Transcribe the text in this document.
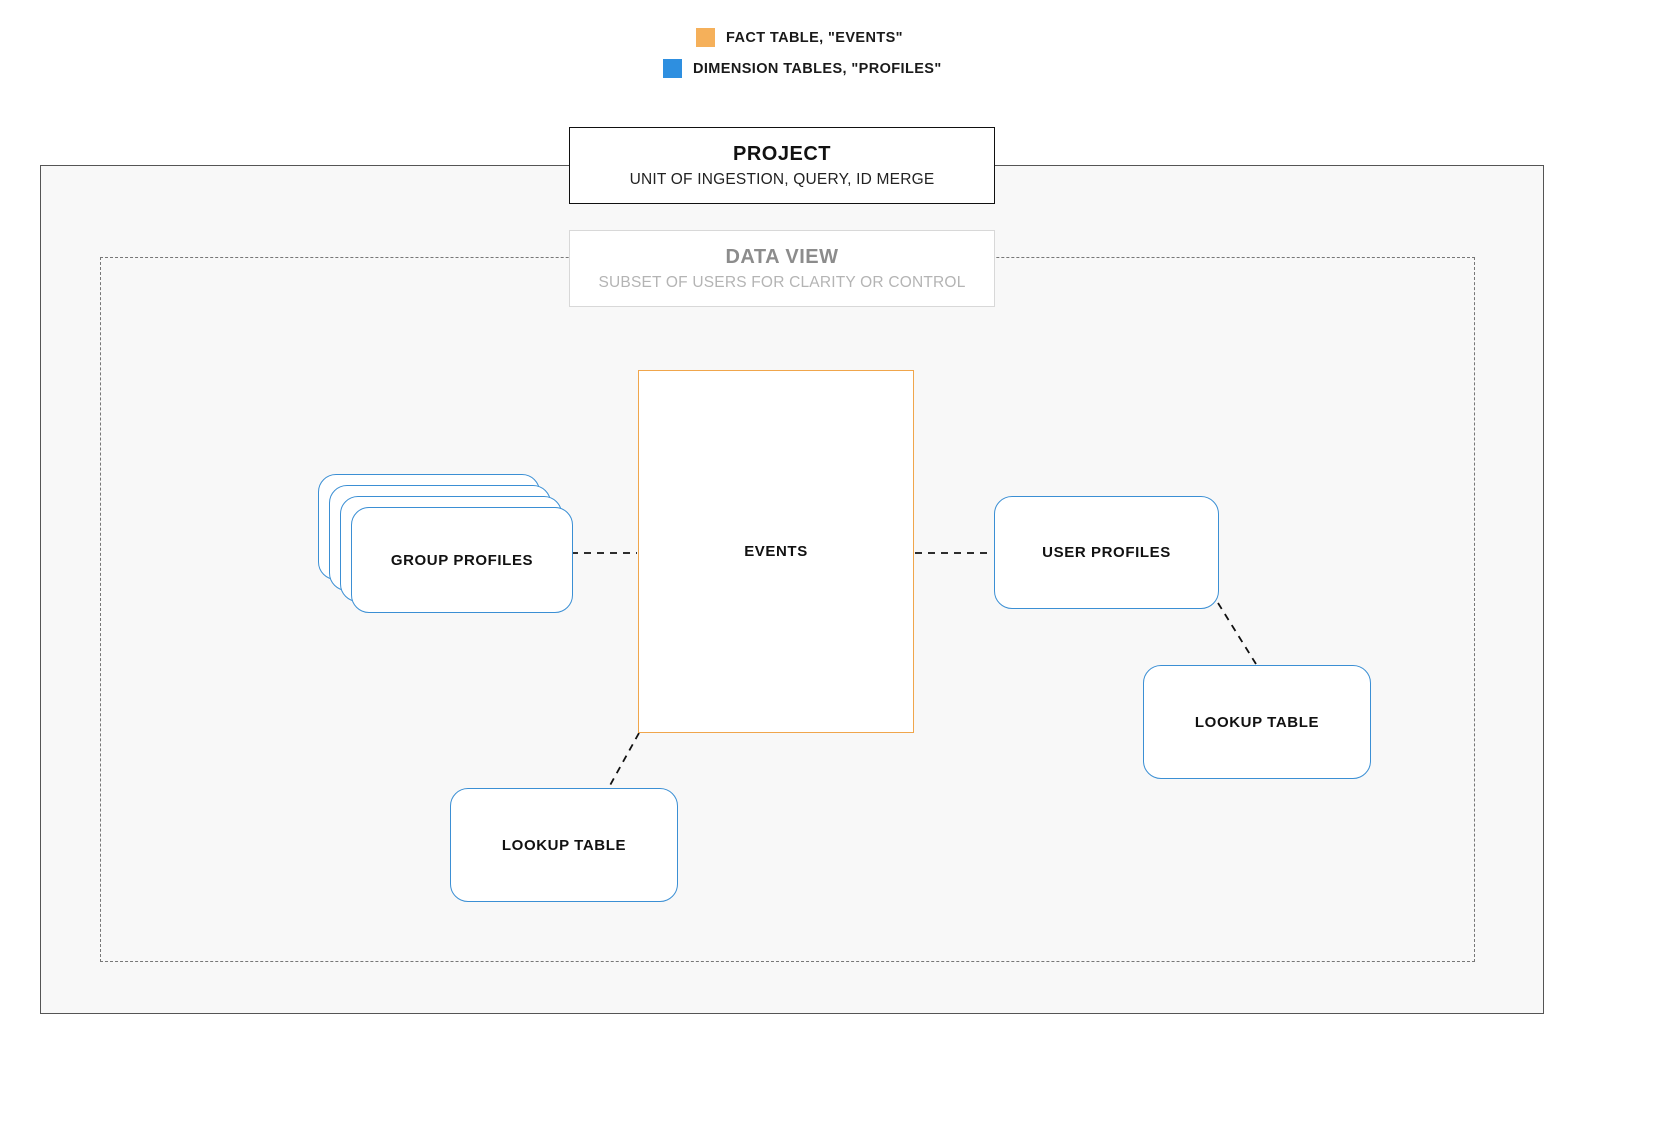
FACT TABLE, "EVENTS"
DIMENSION TABLES, "PROFILES"
EVENTS
GROUP PROFILES	USER PROFILES
LOOKUP TABLE
LOOKUP TABLE
PROJECT
UNIT OF INGESTION, QUERY, ID MERGE
DATA VIEW
SUBSET OF USERS FOR CLARITY OR CONTROL
